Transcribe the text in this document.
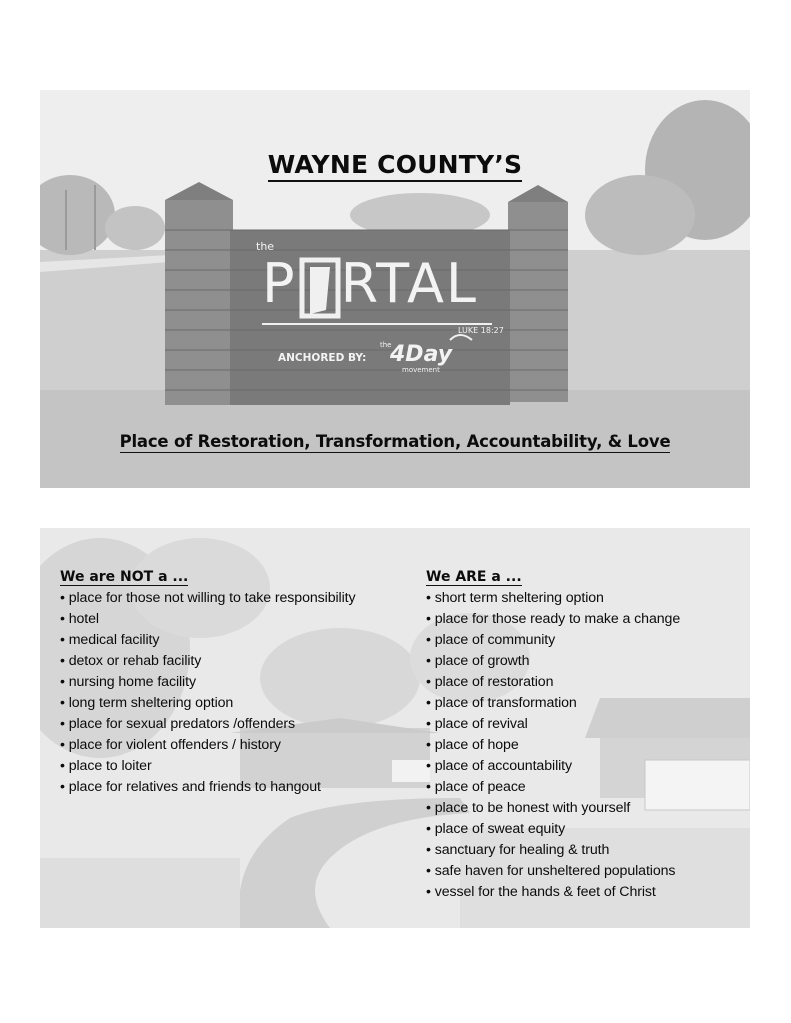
WAYNE COUNTY’S
the
P RTAL
LUKE 18:27
ANCHORED BY:
the
4Day
movement
Place of Restoration, Transformation, Accountability, & Love
We are NOT a ...
• place for those not willing to take responsibility
• hotel
• medical facility
• detox or rehab facility
• nursing home facility
• long term sheltering option
• place for sexual predators /offenders
• place for violent offenders / history
• place to loiter
• place for relatives and friends to hangout
We ARE a ...
• short term sheltering option
• place for those ready to make a change
• place of community
• place of growth
• place of restoration
• place of transformation
• place of revival
• place of hope
• place of accountability
• place of peace
• place to be honest with yourself
• place of sweat equity
• sanctuary for healing & truth
• safe haven for unsheltered populations
• vessel for the hands & feet of Christ
